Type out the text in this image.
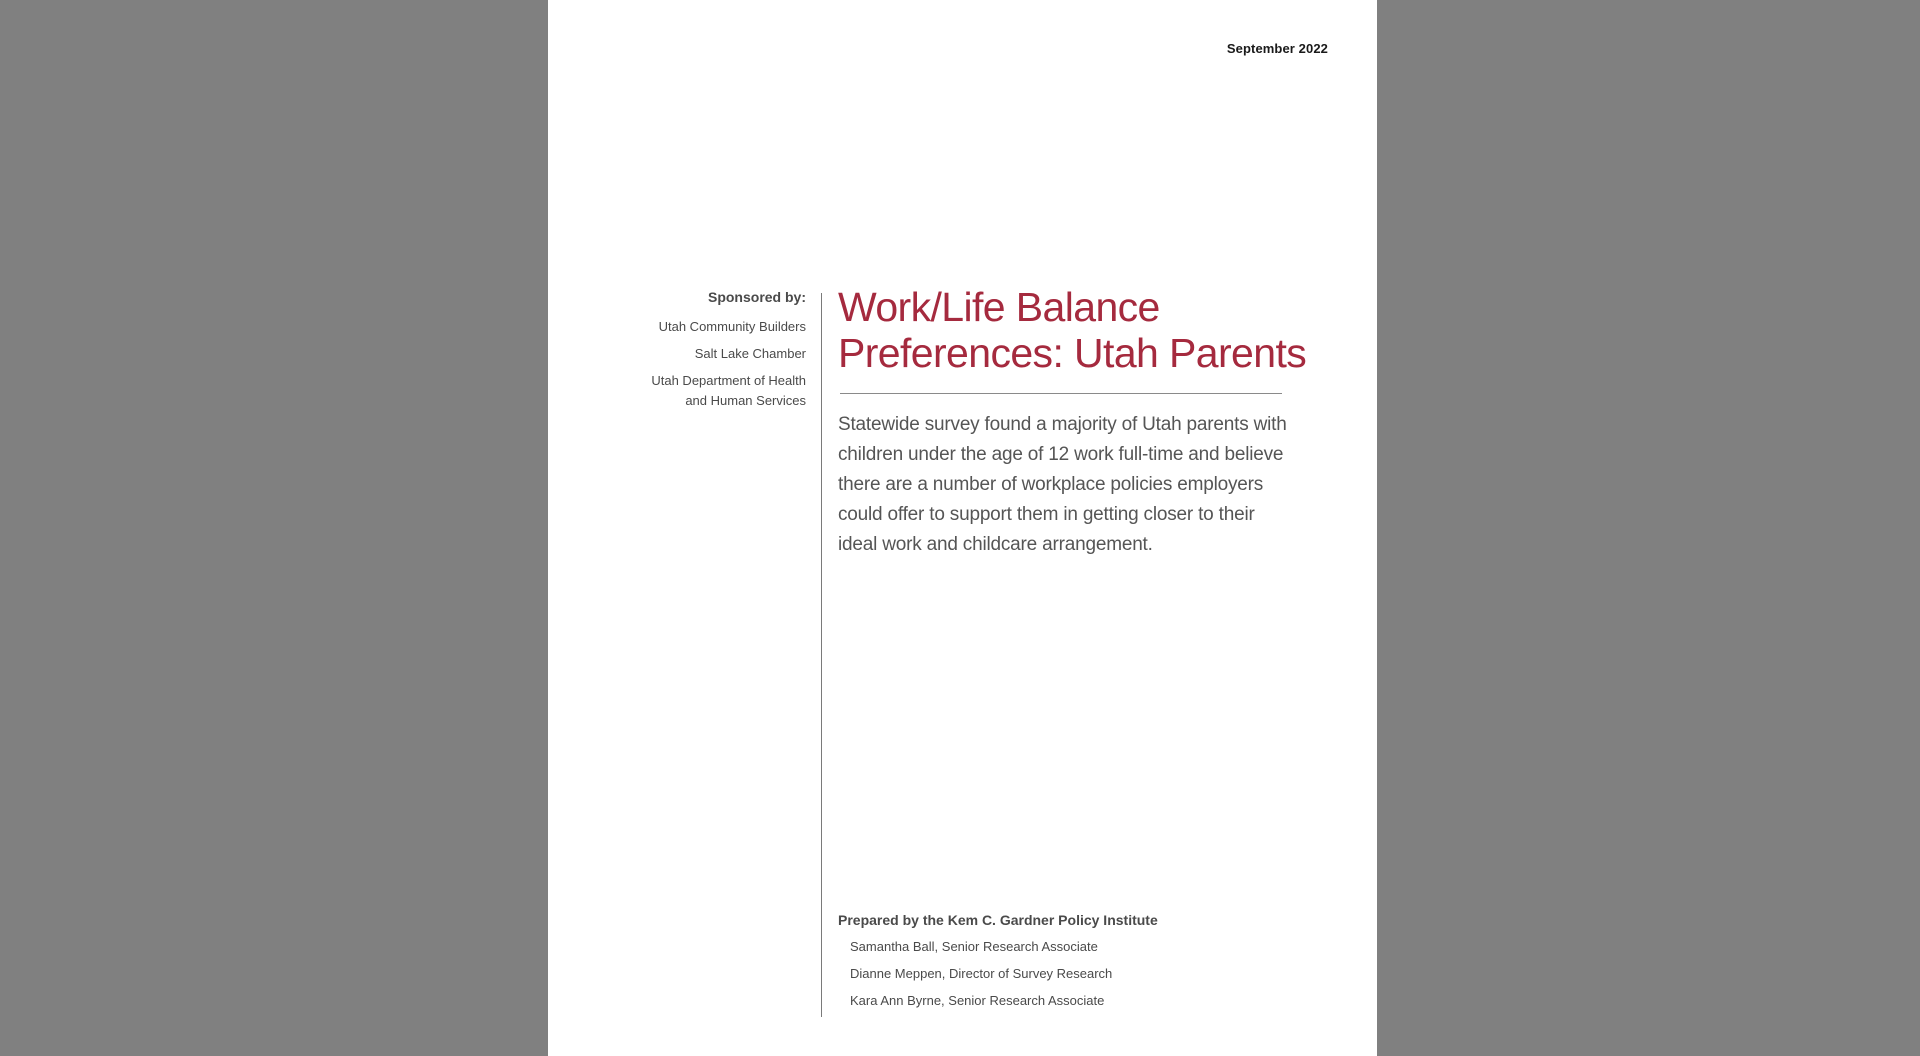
September 2022
Sponsored by:
Utah Community Builders
Salt Lake Chamber
Utah Department of Health
and Human Services
Work/Life Balance
Preferences: Utah Parents

Statewide survey found a majority of Utah parents with children under the age of 12 work full-time and believe there are a number of workplace policies employers could offer to support them in getting closer to their ideal work and childcare arrangement.

Prepared by the Kem C. Gardner Policy Institute
Samantha Ball, Senior Research Associate
Dianne Meppen, Director of Survey Research
Kara Ann Byrne, Senior Research Associate
